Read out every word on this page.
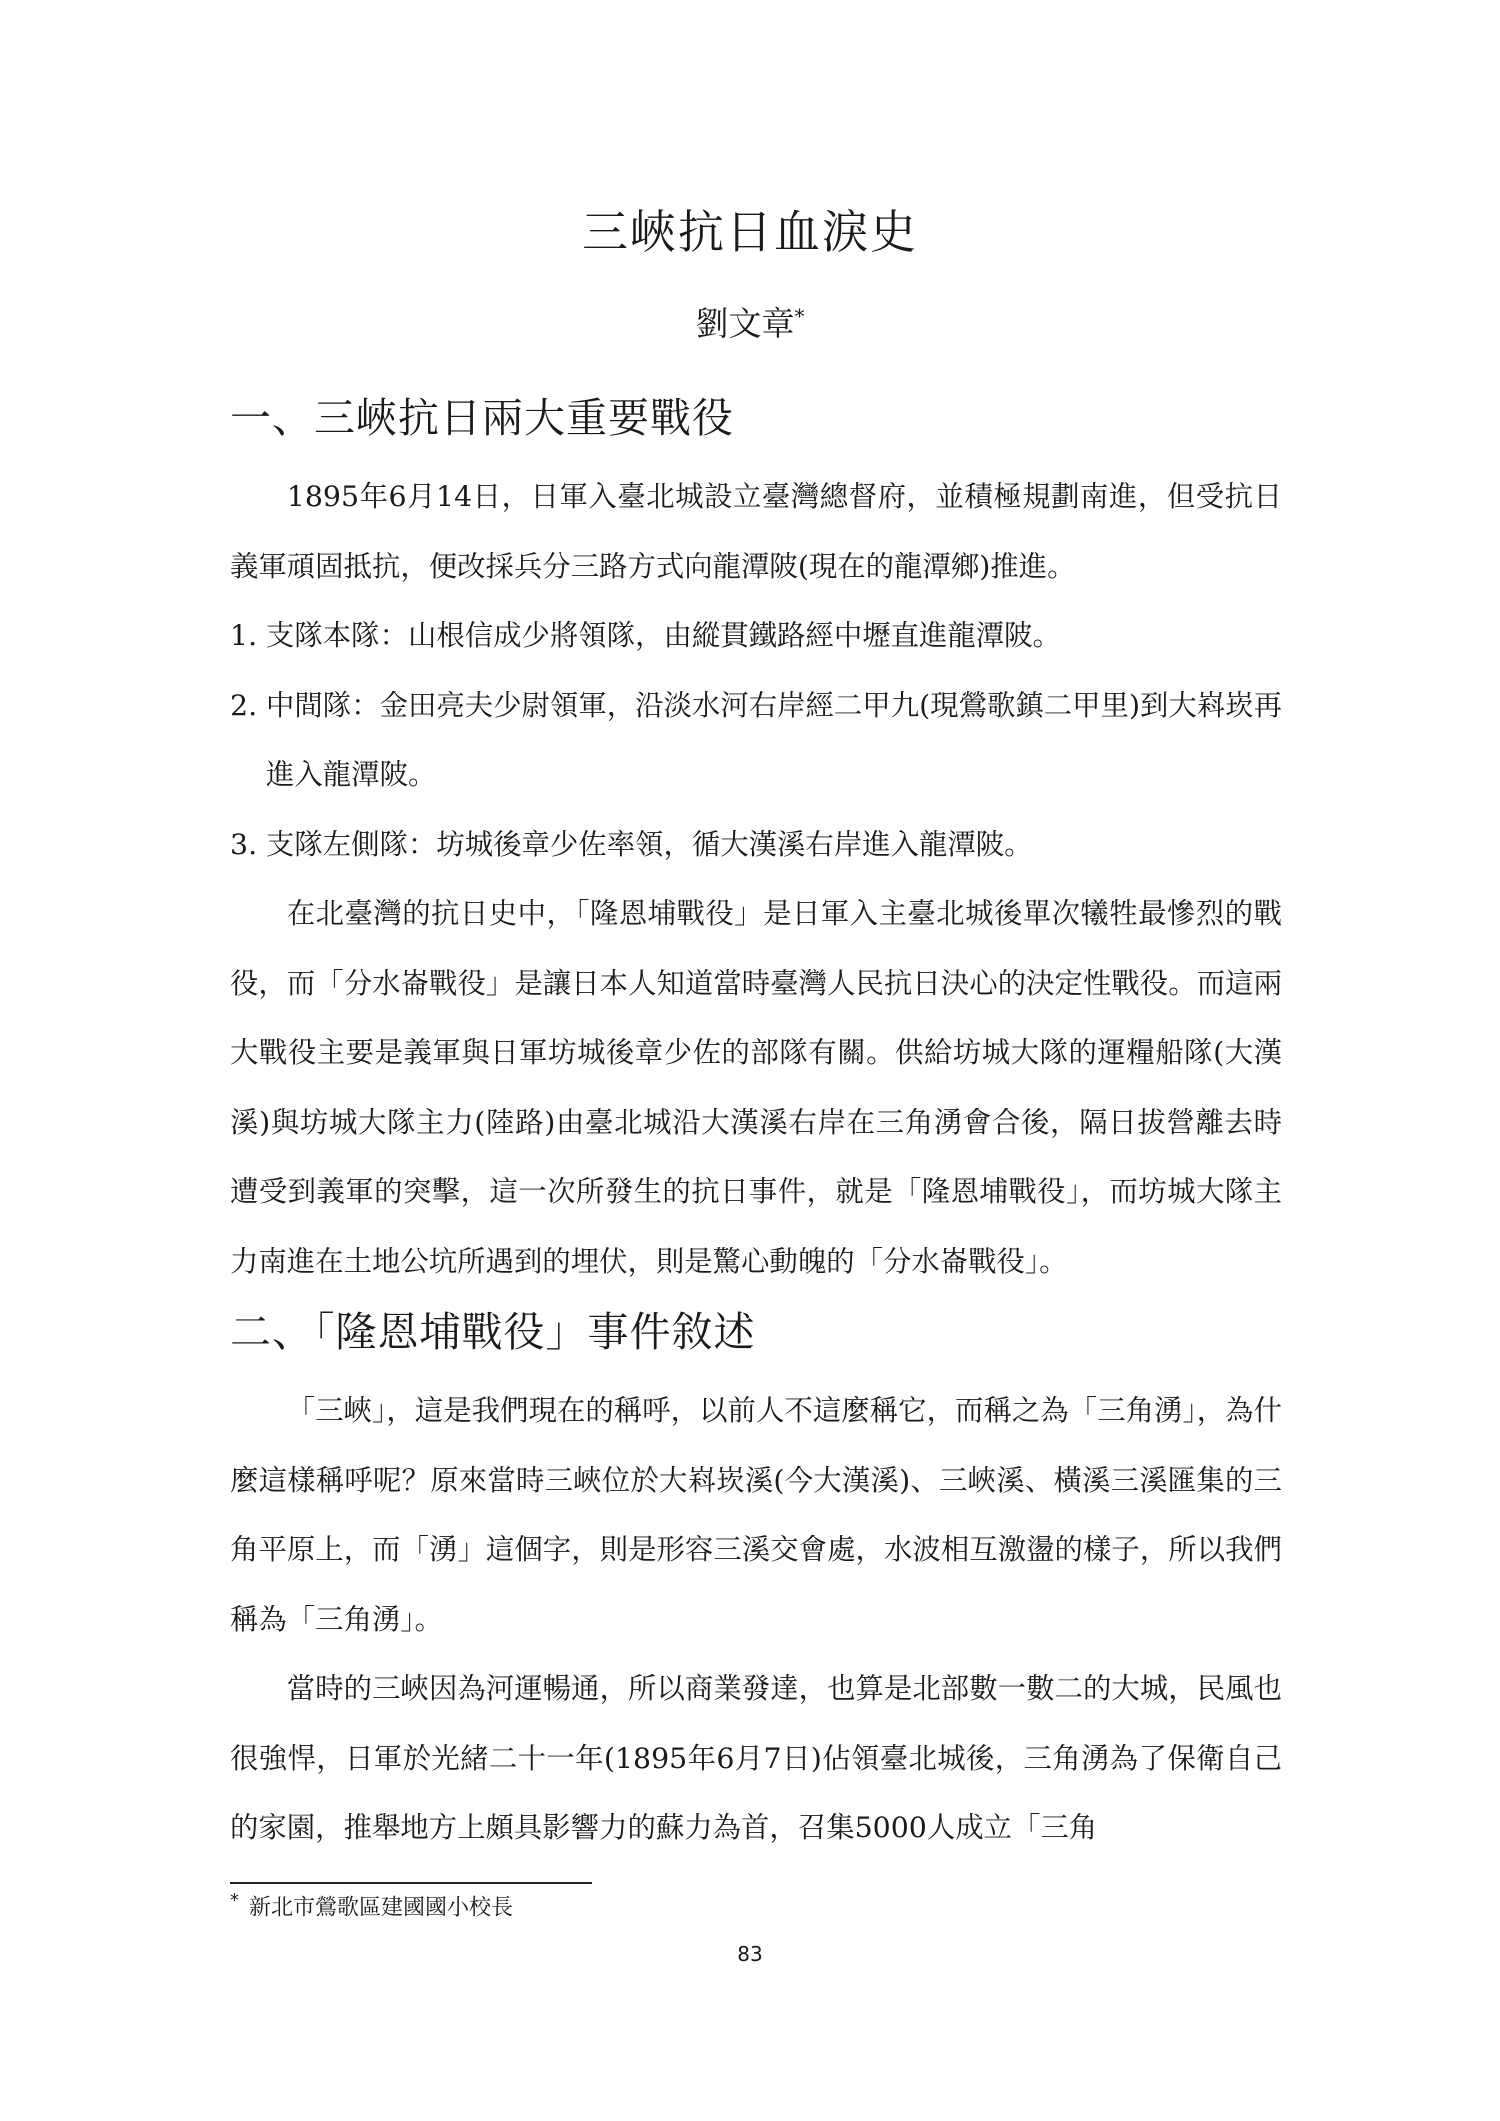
三峽抗日血淚史

劉文章*

一、三峽抗日兩大重要戰役

1895年6月14日，日軍入臺北城設立臺灣總督府，並積極規劃南進，但受抗日義軍頑固抵抗，便改採兵分三路方式向龍潭陂(現在的龍潭鄉)推進。

1. 支隊本隊：山根信成少將領隊，由縱貫鐵路經中壢直進龍潭陂。
2. 中間隊：金田亮夫少尉領軍，沿淡水河右岸經二甲九(現鶯歌鎮二甲里)到大嵙崁再進入龍潭陂。
3. 支隊左側隊：坊城後章少佐率領，循大漢溪右岸進入龍潭陂。

在北臺灣的抗日史中，「隆恩埔戰役」是日軍入主臺北城後單次犧牲最慘烈的戰役，而「分水崙戰役」是讓日本人知道當時臺灣人民抗日決心的決定性戰役。而這兩大戰役主要是義軍與日軍坊城後章少佐的部隊有關。供給坊城大隊的運糧船隊(大漢溪)與坊城大隊主力(陸路)由臺北城沿大漢溪右岸在三角湧會合後，隔日拔營離去時遭受到義軍的突擊，這一次所發生的抗日事件，就是「隆恩埔戰役」，而坊城大隊主力南進在土地公坑所遇到的埋伏，則是驚心動魄的「分水崙戰役」。

二、「隆恩埔戰役」事件敘述

「三峽」，這是我們現在的稱呼，以前人不這麼稱它，而稱之為「三角湧」，為什麼這樣稱呼呢？原來當時三峽位於大嵙崁溪(今大漢溪)、三峽溪、橫溪三溪匯集的三角平原上，而「湧」這個字，則是形容三溪交會處，水波相互激盪的樣子，所以我們稱為「三角湧」。

當時的三峽因為河運暢通，所以商業發達，也算是北部數一數二的大城，民風也很強悍，日軍於光緒二十一年(1895年6月7日)佔領臺北城後，三角湧為了保衛自己的家園，推舉地方上頗具影響力的蘇力為首，召集5000人成立「三角

* 新北市鶯歌區建國國小校長

83
